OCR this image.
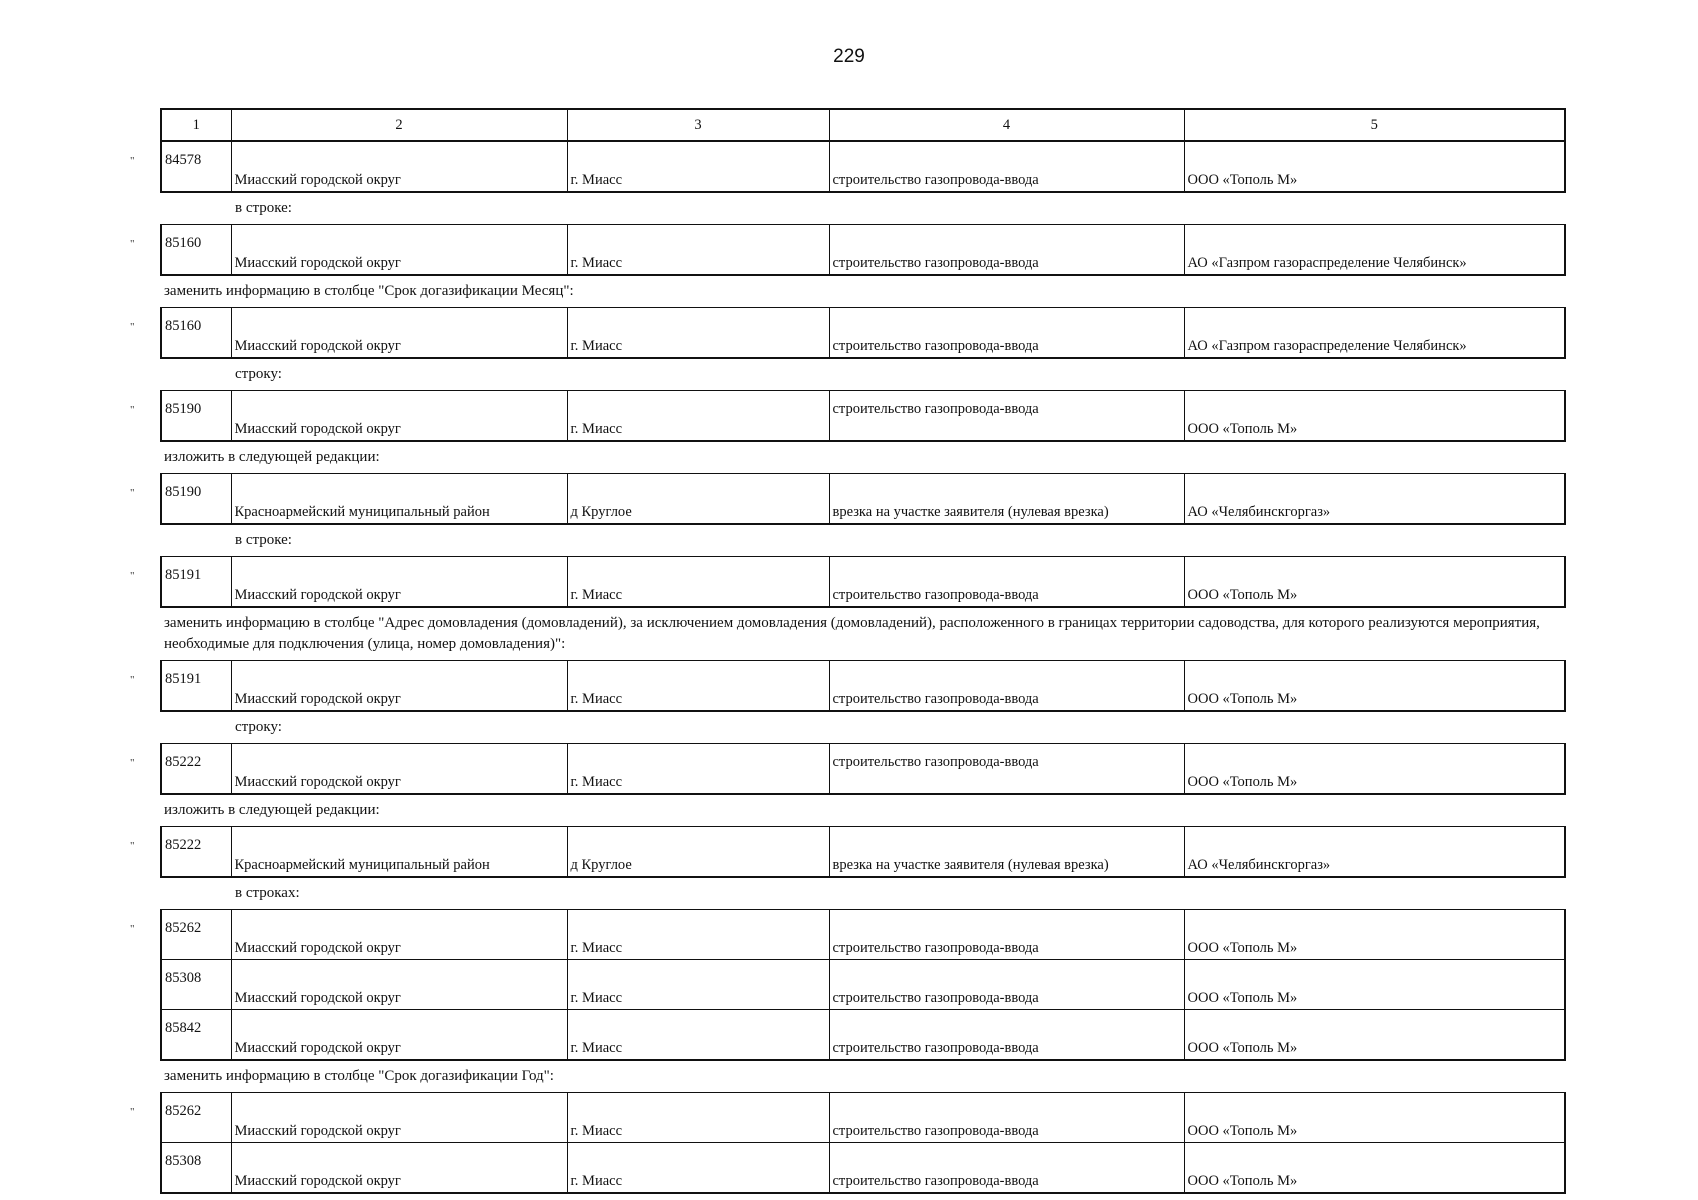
229
1	2	3	4	5
" 84578	Миасский городской округ	г. Миасс	строительство газопровода-ввода	ООО «Тополь М»
в строке:
" 85160	Миасский городской округ	г. Миасс	строительство газопровода-ввода	АО «Газпром газораспределение Челябинск»
заменить информацию в столбце "Срок догазификации Месяц":
" 85160	Миасский городской округ	г. Миасс	строительство газопровода-ввода	АО «Газпром газораспределение Челябинск»
строку:
" 85190	Миасский городской округ	г. Миасс	строительство газопровода-ввода	ООО «Тополь М»
изложить в следующей редакции:
" 85190	Красноармейский муниципальный район	д Круглое	врезка на участке заявителя (нулевая врезка)	АО «Челябинскгоргаз»
в строке:
" 85191	Миасский городской округ	г. Миасс	строительство газопровода-ввода	ООО «Тополь М»
заменить информацию в столбце "Адрес домовладения (домовладений), за исключением домовладения (домовладений), расположенного в границах территории садоводства, для которого реализуются мероприятия, необходимые для подключения (улица, номер домовладения)":
" 85191	Миасский городской округ	г. Миасс	строительство газопровода-ввода	ООО «Тополь М»
строку:
" 85222	Миасский городской округ	г. Миасс	строительство газопровода-ввода	ООО «Тополь М»
изложить в следующей редакции:
" 85222	Красноармейский муниципальный район	д Круглое	врезка на участке заявителя (нулевая врезка)	АО «Челябинскгоргаз»
в строках:
" 85262	Миасский городской округ	г. Миасс	строительство газопровода-ввода	ООО «Тополь М»
85308	Миасский городской округ	г. Миасс	строительство газопровода-ввода	ООО «Тополь М»
85842	Миасский городской округ	г. Миасс	строительство газопровода-ввода	ООО «Тополь М»
заменить информацию в столбце "Срок догазификации Год":
" 85262	Миасский городской округ	г. Миасс	строительство газопровода-ввода	ООО «Тополь М»
85308	Миасский городской округ	г. Миасс	строительство газопровода-ввода	ООО «Тополь М»
